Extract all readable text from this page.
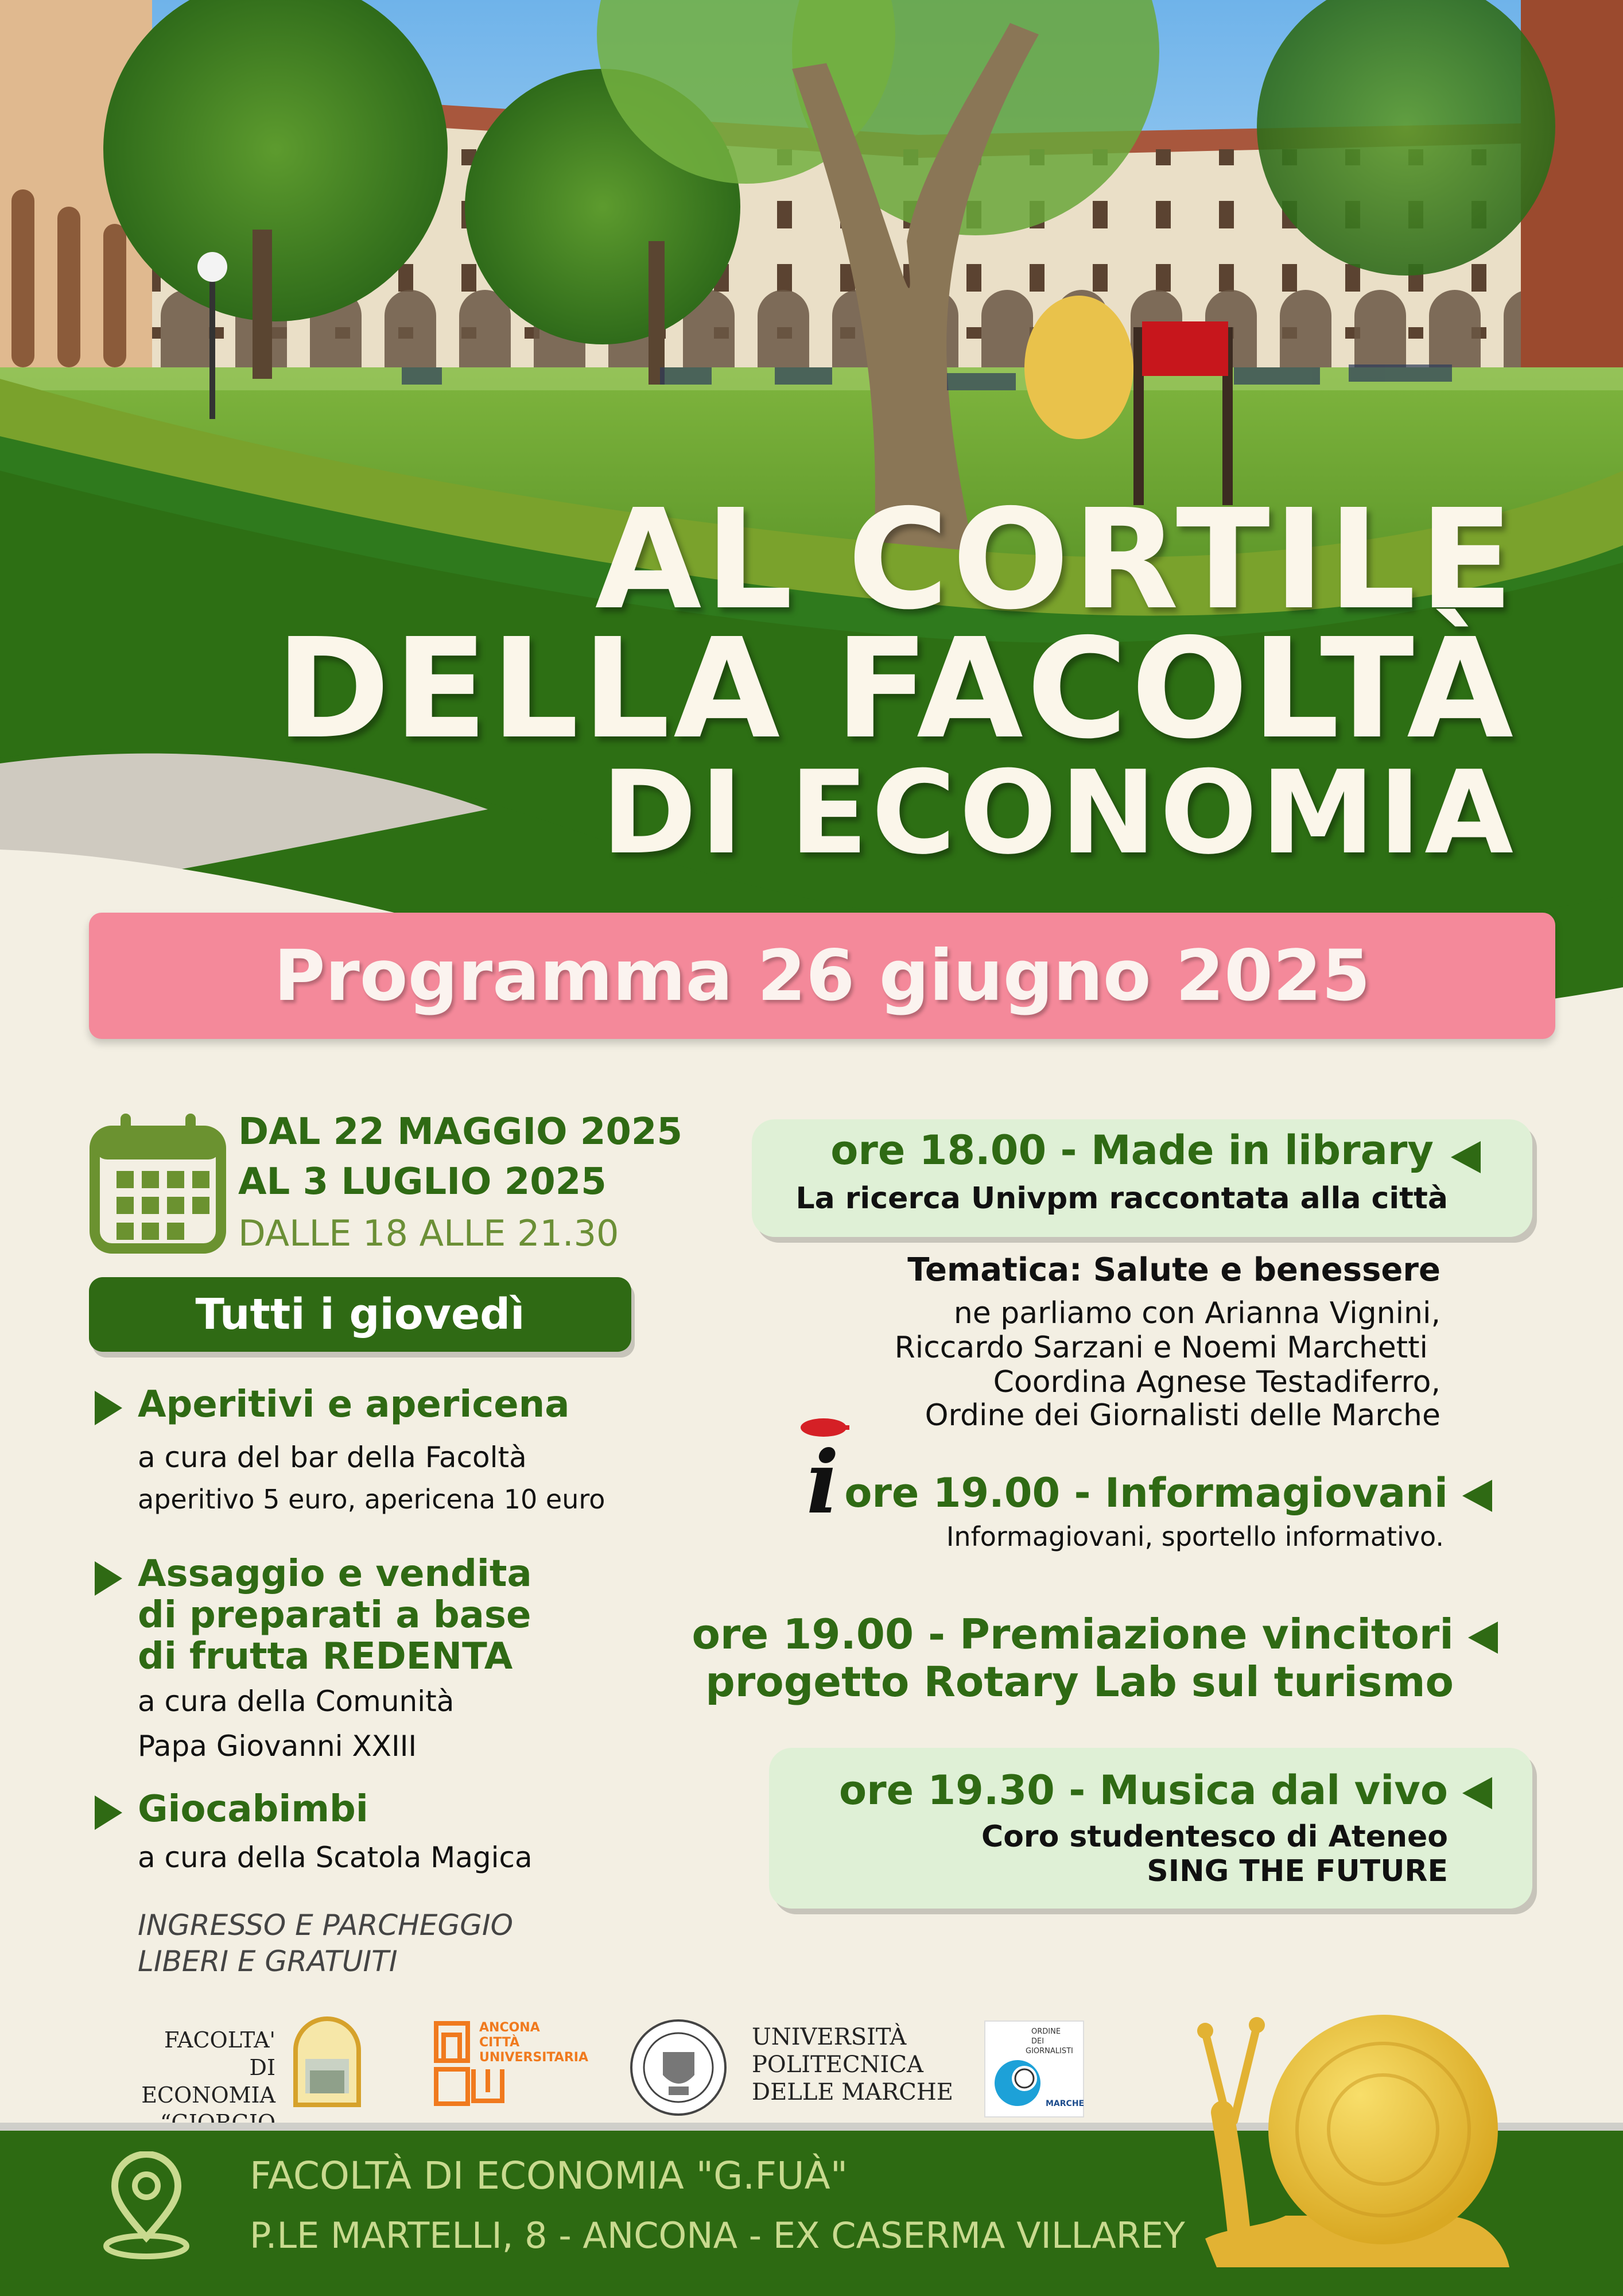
AL CORTILE
DELLA FACOLTÀ
DI ECONOMIA
Programma 26 giugno 2025
DAL 22 MAGGIO 2025
AL 3 LUGLIO 2025
DALLE 18 ALLE 21.30
Tutti i giovedì
Aperitivi e apericena
a cura del bar della Facoltà
aperitivo 5 euro, apericena 10 euro
Assaggio e vendita
di preparati a base
di frutta REDENTA
a cura della Comunità
Papa Giovanni XXIII
Giocabimbi
a cura della Scatola Magica
INGRESSO E PARCHEGGIO
LIBERI E GRATUITI
ore 18.00 - Made in library
La ricerca Univpm raccontata alla città
Tematica: Salute e benessere
ne parliamo con Arianna Vignini,
Riccardo Sarzani e Noemi Marchetti
Coordina Agnese Testadiferro,
Ordine dei Giornalisti delle Marche
i ore 19.00 - Informagiovani
Informagiovani, sportello informativo.
ore 19.00 - Premiazione vincitori
progetto Rotary Lab sul turismo
ore 19.30 - Musica dal vivo
Coro studentesco di Ateneo
SING THE FUTURE
FACOLTA'
DI ECONOMIA
ANCONA
CITTÀ
UNIVERSITARIA
UNIVERSITÀ
POLITECNICA
DELLE MARCHE
ORDINE
DEI
GIORNALISTI
MARCHE
FACOLTÀ DI ECONOMIA "G.FUÀ"
P.LE MARTELLI, 8 - ANCONA - EX CASERMA VILLAREY
